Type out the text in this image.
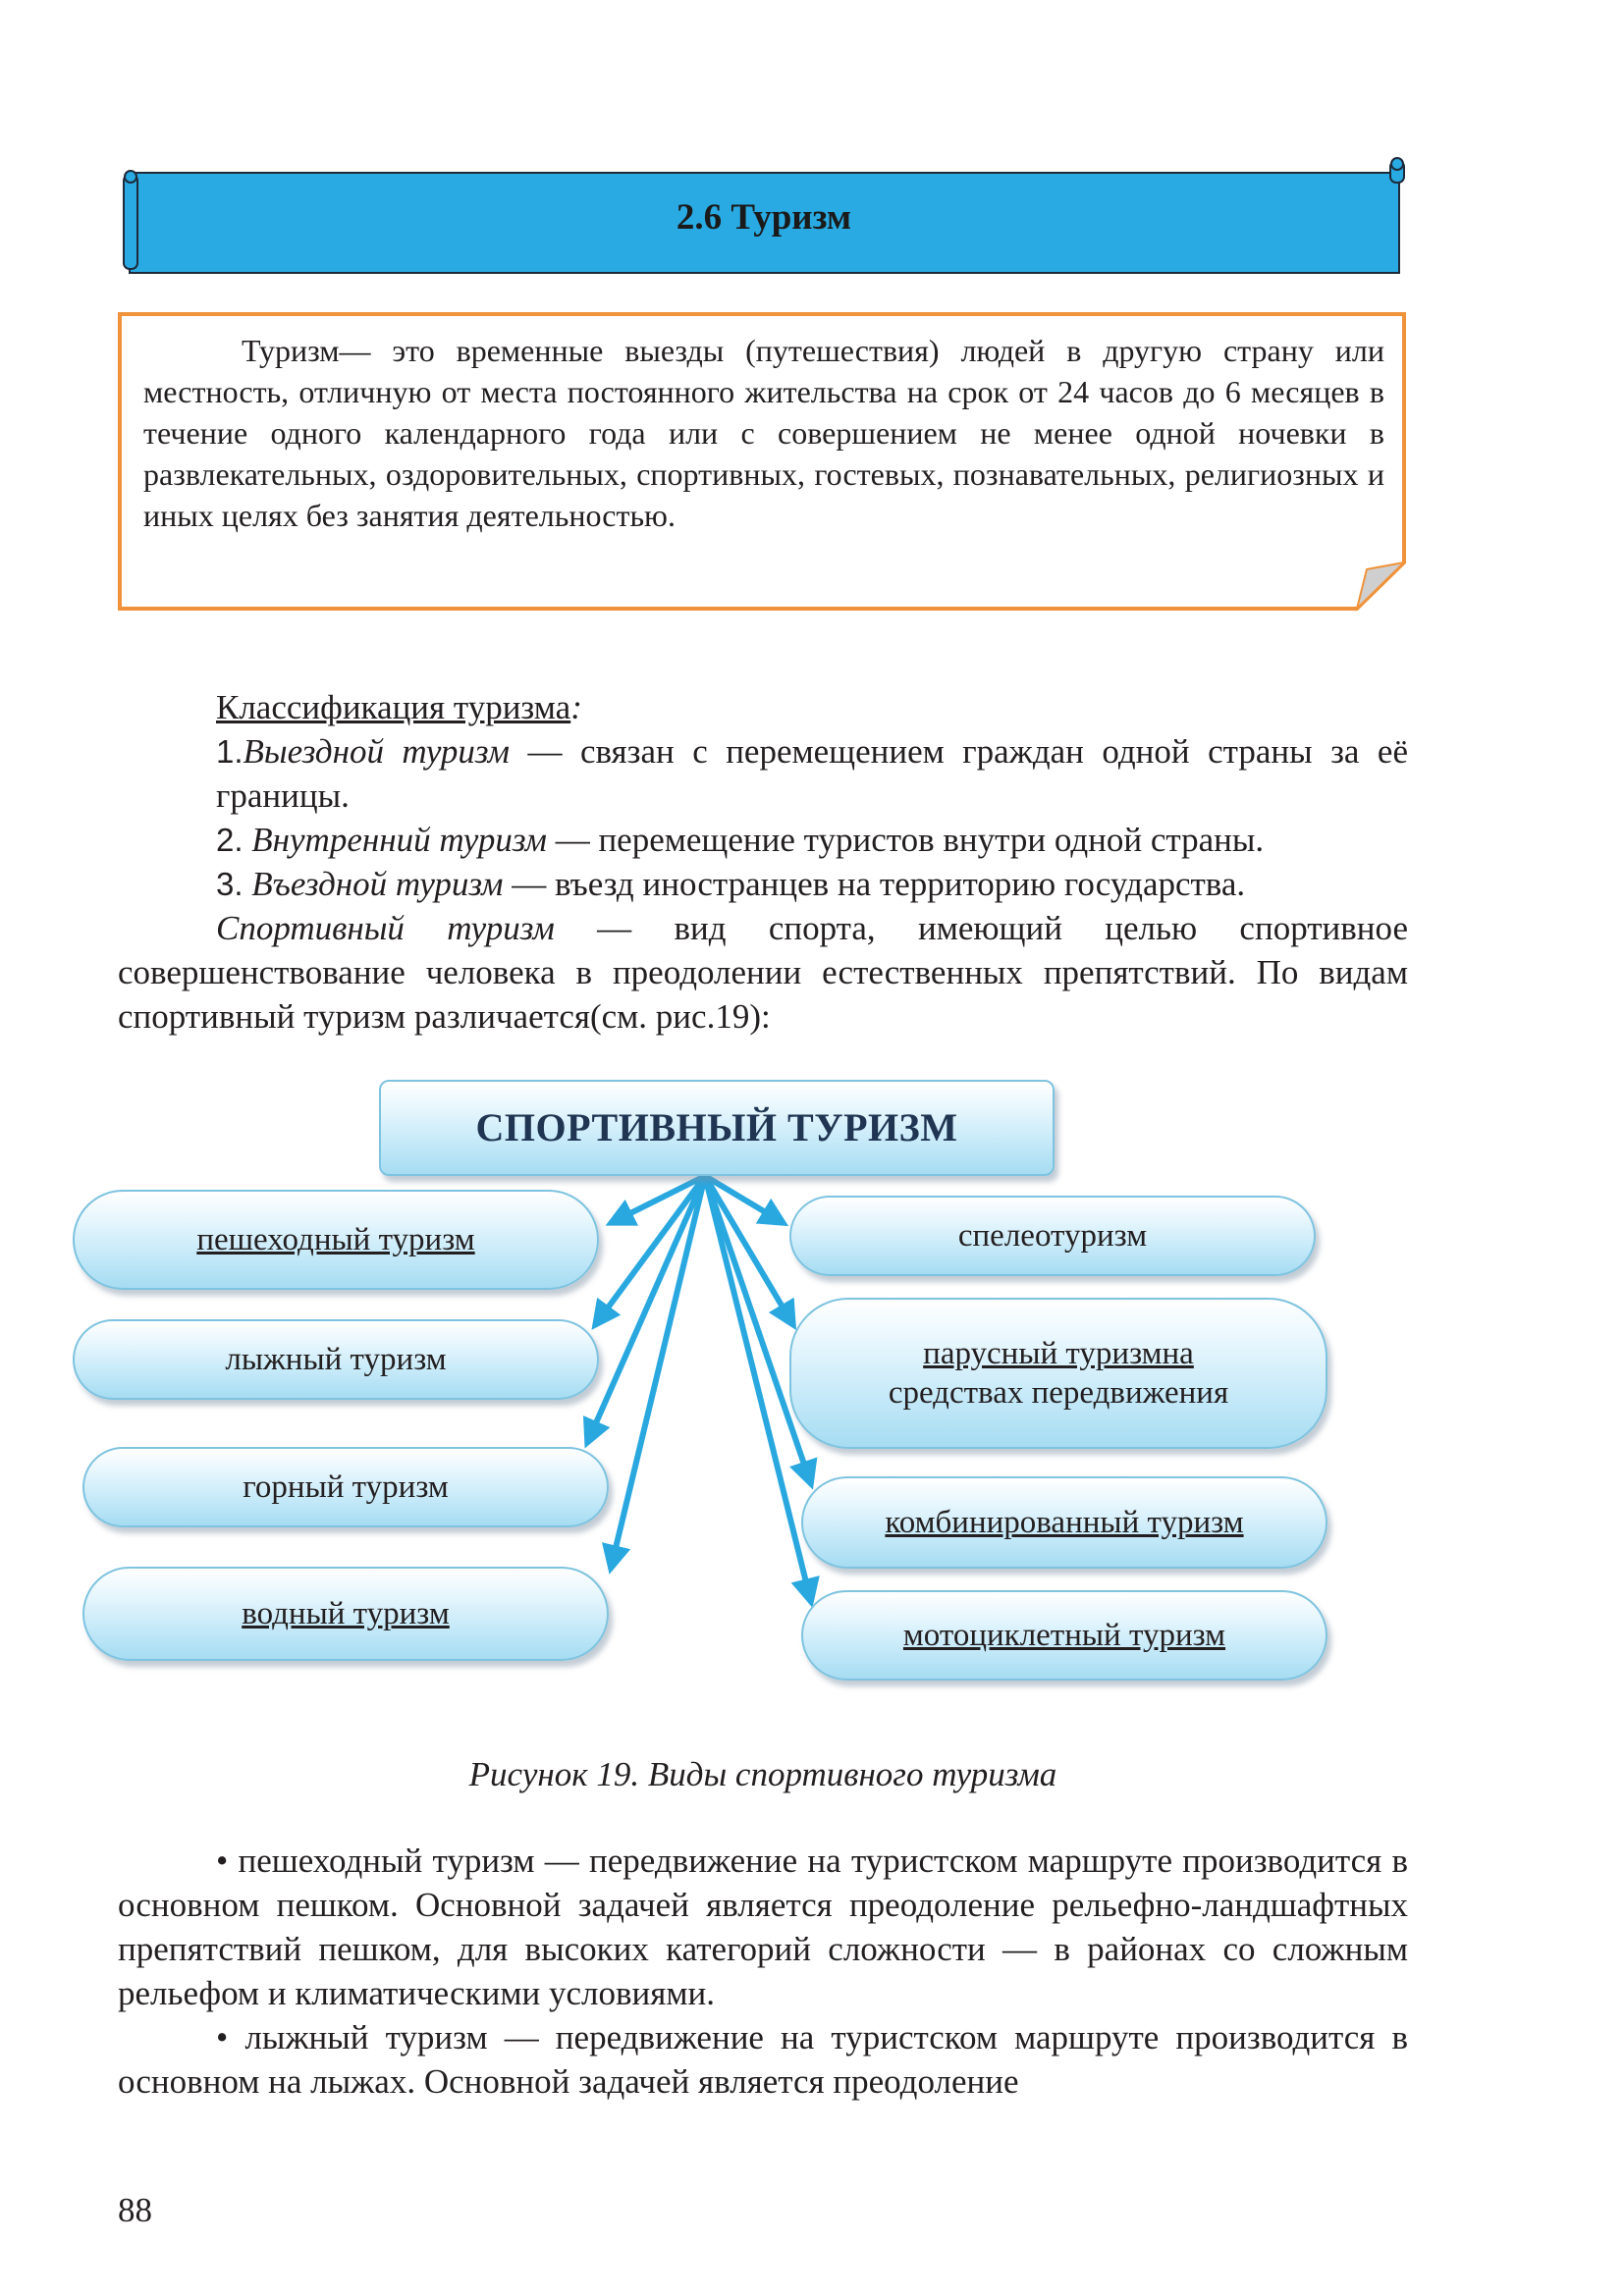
2.6 Туризм

Туризм— это временные выезды (путешествия) людей в другую страну или местность, отличную от места постоянного жительства на срок от 24 часов до 6 месяцев в течение одного календарного года или с совершением не менее одной ночевки в развлекательных, оздоровительных, спортивных, гостевых, познавательных, религиозных и иных целях без занятия деятельностью.

Классификация туризма:
1.Выездной туризм — связан с перемещением граждан одной страны за её границы.
2. Внутренний туризм — перемещение туристов внутри одной страны.
3. Въездной туризм — въезд иностранцев на территорию государства.
Спортивный туризм — вид спорта, имеющий целью спортивное совершенствование человека в преодолении естественных препятствий. По видам спортивный туризм различается(см. рис.19):
СПОРТИВНЫЙ ТУРИЗМ
пешеходный туризм
лыжный туризм
горный туризм
водный туризм
спелеотуризм
парусный туризмна
средствах передвижения
комбинированный туризм
мотоциклетный туризм
Рисунок 19. Виды спортивного туризма
• пешеходный туризм — передвижение на туристском маршруте производится в основном пешком. Основной задачей является преодоление рельефно-ландшафтных препятствий пешком, для высоких категорий сложности — в районах со сложным рельефом и климатическими условиями.
• лыжный туризм — передвижение на туристском маршруте производится в основном на лыжах. Основной задачей является преодоление
88
